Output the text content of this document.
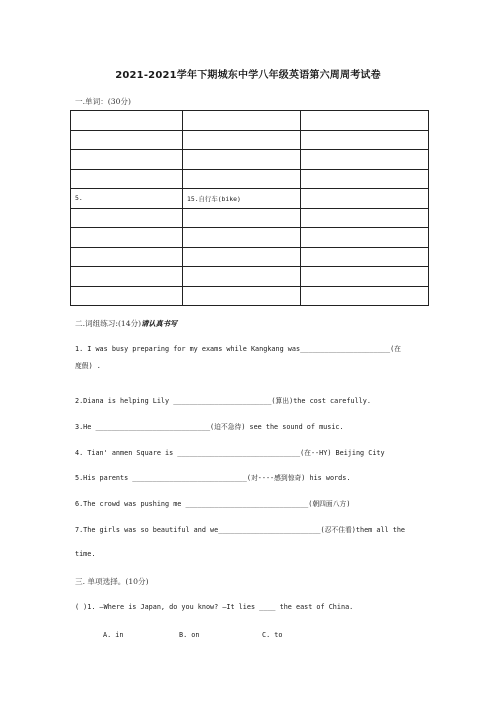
2021-2021学年下期城东中学八年级英语第六周周考试卷
一.单词：(30分)

5.	15.自行车(bike)	

二.词组练习:(14分)请认真书写
1. I was busy preparing for my exams while Kangkang was______________________(在
度假) .
2.Diana is helping Lily ________________________(算出)the cost carefully.
3.He ____________________________(迫不急待) see the sound of music.
4. Tian' anmen Square is ______________________________(在--HY) Beijing City
5.His parents ____________________________(对----感到惊奇) his words.
6.The crowd was pushing me ______________________________(朝四面八方)
7.The girls was so beautiful and we_________________________(忍不住看)them all the
time.
三. 单项选择。(10分)
( )1. —Where is Japan, do you know? —It lies ____ the east of China.
A. in	B. on	C. to
